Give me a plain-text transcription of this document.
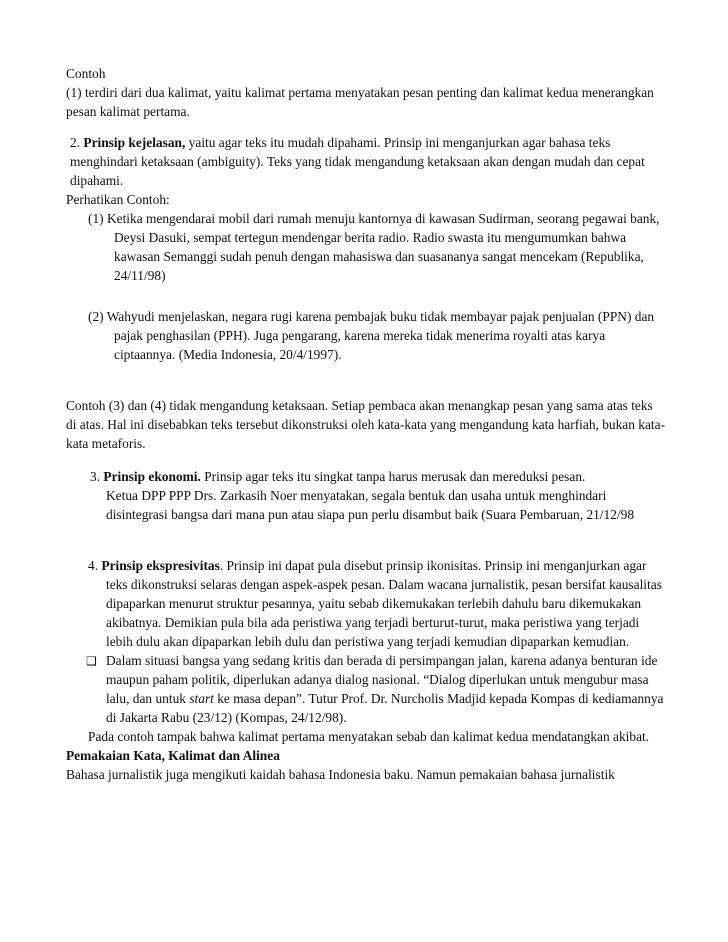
Contoh

(1) terdiri dari dua kalimat, yaitu kalimat pertama menyatakan pesan penting dan kalimat kedua menerangkan pesan kalimat pertama.

2. Prinsip kejelasan, yaitu agar teks itu mudah dipahami. Prinsip ini menganjurkan agar bahasa teks menghindari ketaksaan (ambiguity). Teks yang tidak mengandung ketaksaan akan dengan mudah dan cepat dipahami.

Perhatikan Contoh:

(1) Ketika mengendarai mobil dari rumah menuju kantornya di kawasan Sudirman, seorang pegawai bank, Deysi Dasuki, sempat tertegun mendengar berita radio. Radio swasta itu mengumumkan bahwa kawasan Semanggi sudah penuh dengan mahasiswa dan suasananya sangat mencekam (Republika, 24/11/98)

(2) Wahyudi menjelaskan, negara rugi karena pembajak buku tidak membayar pajak penjualan (PPN) dan pajak penghasilan (PPH). Juga pengarang, karena mereka tidak menerima royalti atas karya ciptaannya. (Media Indonesia, 20/4/1997).

Contoh (3) dan (4) tidak mengandung ketaksaan. Setiap pembaca akan menangkap pesan yang sama atas teks di atas. Hal ini disebabkan teks tersebut dikonstruksi oleh kata-kata yang mengandung kata harfiah, bukan kata-kata metaforis.

3. Prinsip ekonomi. Prinsip agar teks itu singkat tanpa harus merusak dan mereduksi pesan.

Ketua DPP PPP Drs. Zarkasih Noer menyatakan, segala bentuk dan usaha untuk menghindari disintegrasi bangsa dari mana pun atau siapa pun perlu disambut baik (Suara Pembaruan, 21/12/98

4. Prinsip ekspresivitas. Prinsip ini dapat pula disebut prinsip ikonisitas. Prinsip ini menganjurkan agar teks dikonstruksi selaras dengan aspek-aspek pesan. Dalam wacana jurnalistik, pesan bersifat kausalitas dipaparkan menurut struktur pesannya, yaitu sebab dikemukakan terlebih dahulu baru dikemukakan akibatnya. Demikian pula bila ada peristiwa yang terjadi berturut-turut, maka peristiwa yang terjadi lebih dulu akan dipaparkan lebih dulu dan peristiwa yang terjadi kemudian dipaparkan kemudian.

❑ Dalam situasi bangsa yang sedang kritis dan berada di persimpangan jalan, karena adanya benturan ide maupun paham politik, diperlukan adanya dialog nasional. “Dialog diperlukan untuk mengubur masa lalu, dan untuk start ke masa depan”. Tutur Prof. Dr. Nurcholis Madjid kepada Kompas di kediamannya di Jakarta Rabu (23/12) (Kompas, 24/12/98).

Pada contoh tampak bahwa kalimat pertama menyatakan sebab dan kalimat kedua mendatangkan akibat.

Pemakaian Kata, Kalimat dan Alinea

Bahasa jurnalistik juga mengikuti kaidah bahasa Indonesia baku. Namun pemakaian bahasa jurnalistik
